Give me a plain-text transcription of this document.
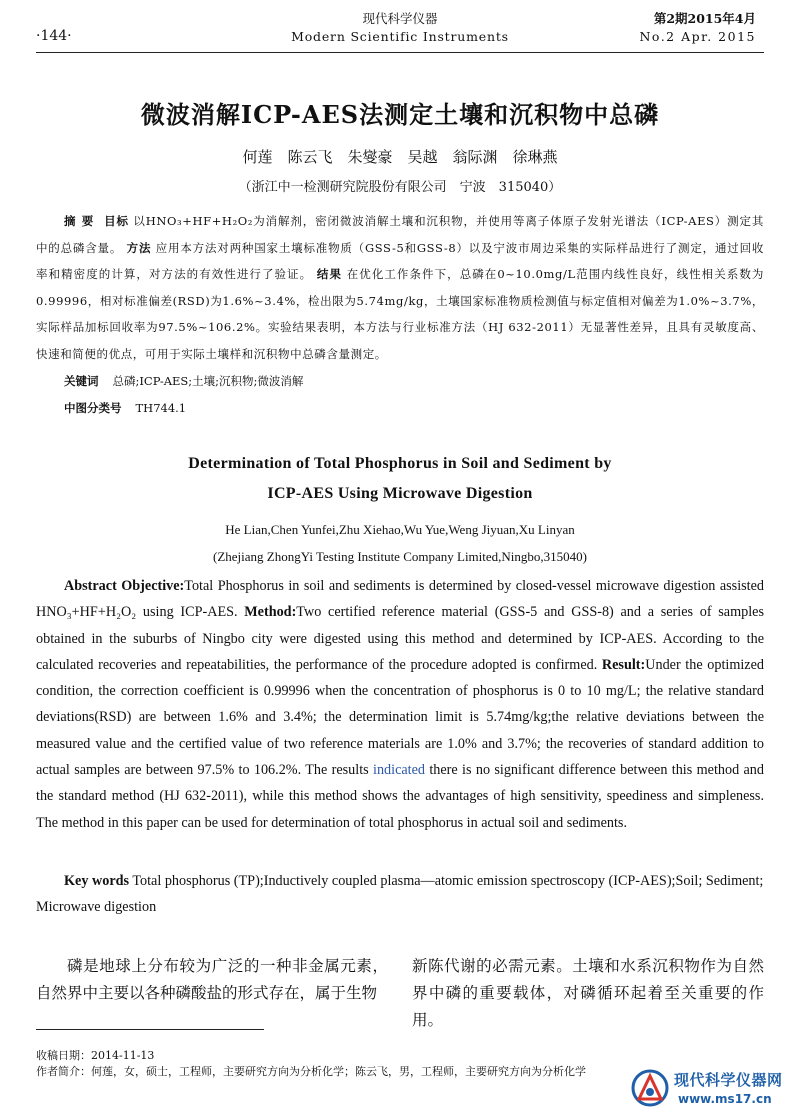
·144·
现代科学仪器
Modern Scientific Instruments
第2期2015年4月
No.2 Apr. 2015
微波消解ICP-AES法测定土壤和沉积物中总磷
何莲　陈云飞　朱燮豪　吴越　翁际渊　徐琳燕
（浙江中一检测研究院股份有限公司　宁波　315040）
摘要 目标 以HNO₃+HF+H₂O₂为消解剂，密闭微波消解土壤和沉积物，并使用等离子体原子发射光谱法（ICP-AES）测定其中的总磷含量。 方法 应用本方法对两种国家土壤标准物质（GSS-5和GSS-8）以及宁波市周边采集的实际样品进行了测定，通过回收率和精密度的计算，对方法的有效性进行了验证。 结果 在优化工作条件下，总磷在0~10.0mg/L范围内线性良好，线性相关系数为0.99996，相对标准偏差(RSD)为1.6%~3.4%，检出限为5.74mg/kg，土壤国家标准物质检测值与标定值相对偏差为1.0%~3.7%，实际样品加标回收率为97.5%~106.2%。实验结果表明，本方法与行业标准方法（HJ 632-2011）无显著性差异，且具有灵敏度高、快速和简便的优点，可用于实际土壤样和沉积物中总磷含量测定。
关键词 总磷;ICP-AES;土壤;沉积物;微波消解
中图分类号 TH744.1
Determination of Total Phosphorus in Soil and Sediment by
ICP-AES Using Microwave Digestion
He Lian,Chen Yunfei,Zhu Xiehao,Wu Yue,Weng Jiyuan,Xu Linyan
(Zhejiang ZhongYi Testing Institute Company Limited,Ningbo,315040)
Abstract Objective:Total Phosphorus in soil and sediments is determined by closed-vessel microwave digestion assisted HNO₃+HF+H₂O₂ using ICP-AES. Method:Two certified reference material (GSS-5 and GSS-8) and a series of samples obtained in the suburbs of Ningbo city were digested using this method and determined by ICP-AES. According to the calculated recoveries and repeatabilities, the performance of the procedure adopted is confirmed. Result:Under the optimized condition, the correction coefficient is 0.99996 when the concentration of phosphorus is 0 to 10 mg/L; the relative standard deviations(RSD) are between 1.6% and 3.4%; the determination limit is 5.74mg/kg;the relative deviations between the measured value and the certified value of two reference materials are 1.0% and 3.7%; the recoveries of standard addition to actual samples are between 97.5% to 106.2%. The results indicated there is no significant difference between this method and the standard method (HJ 632-2011), while this method shows the advantages of high sensitivity, speediness and simpleness. The method in this paper can be used for determination of total phosphorus in actual soil and sediments.
Key words Total phosphorus (TP);Inductively coupled plasma—atomic emission spectroscopy (ICP-AES);Soil; Sediment; Microwave digestion
磷是地球上分布较为广泛的一种非金属元素，自然界中主要以各种磷酸盐的形式存在，属于生物
新陈代谢的必需元素。土壤和水系沉积物作为自然界中磷的重要载体，对磷循环起着至关重要的作用。
收稿日期：2014-11-13
作者简介：何莲，女，硕士，工程师，主要研究方向为分析化学；陈云飞，男，工程师，主要研究方向为分析化学	现代科学仪器网
www.ms17.cn
